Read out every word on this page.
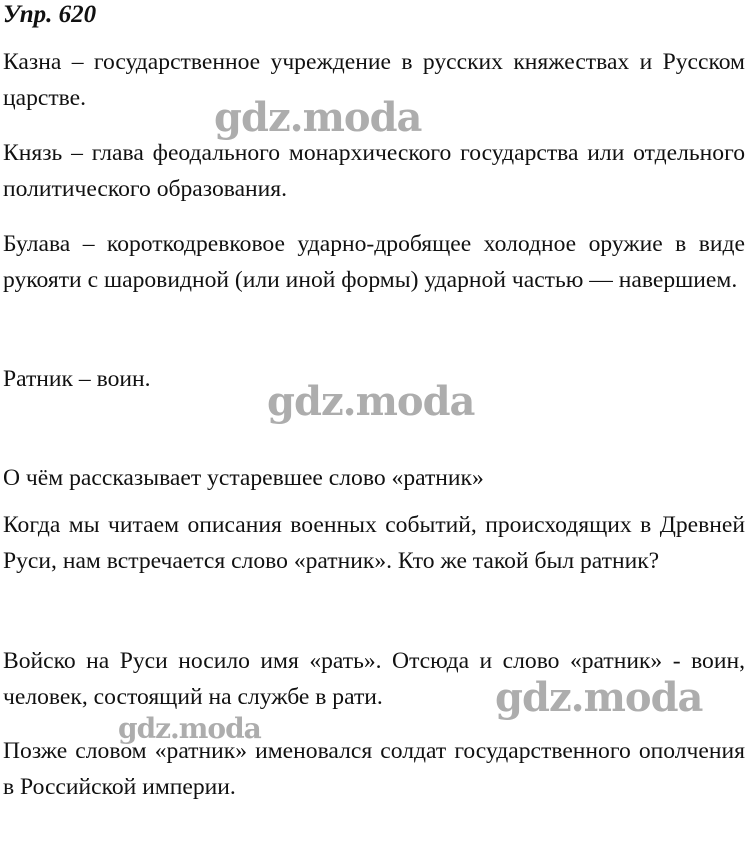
Упр. 620
Казна – государственное учреждение в русских княжествах и Русском царстве.
Князь – глава феодального монархического государства или отдельного политического образования.
Булава – короткодревковое ударно-дробящее холодное оружие в виде рукояти с шаровидной (или иной формы) ударной частью — навершием.
Ратник – воин.
О чём рассказывает устаревшее слово «ратник»
Когда мы читаем описания военных событий, происходящих в Древней Руси, нам встречается слово «ратник». Кто же такой был ратник?
Войско на Руси носило имя «рать». Отсюда и слово «ратник» - воин, человек, состоящий на службе в рати.
Позже словом «ратник» именовался солдат государственного ополчения в Российской империи.
gdz.moda
gdz.moda
gdz.moda
gdz.moda
